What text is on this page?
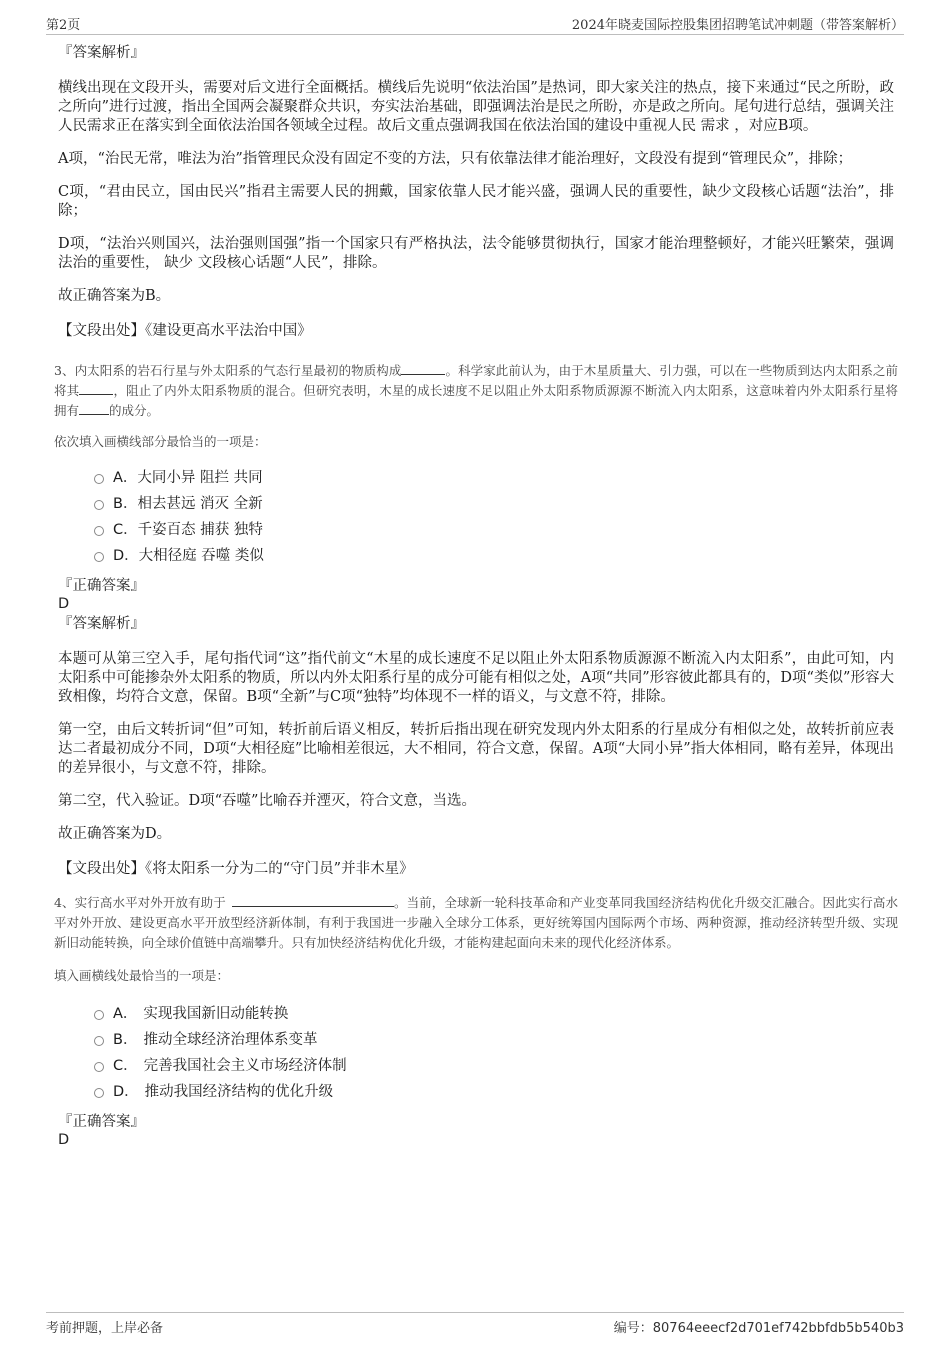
第2页	2024年晓麦国际控股集团招聘笔试冲刺题（带答案解析）

『答案解析』

横线出现在文段开头，需要对后文进行全面概括。横线后先说明“依法治国”是热词，即大家关注的热点，接下来通过“民之所盼，政之所向”进行过渡，指出全国两会凝聚群众共识，夯实法治基础，即强调法治是民之所盼，亦是政之所向。尾句进行总结，强调关注人民需求正在落实到全面依法治国各领域全过程。故后文重点强调我国在依法治国的建设中重视人民 需求 ，对应B项。

A项，“治民无常，唯法为治”指管理民众没有固定不变的方法，只有依靠法律才能治理好，文段没有提到“管理民众”，排除；

C项，“君由民立，国由民兴”指君主需要人民的拥戴，国家依靠人民才能兴盛，强调人民的重要性，缺少文段核心话题“法治”，排除；

D项，“法治兴则国兴，法治强则国强”指一个国家只有严格执法，法令能够贯彻执行，国家才能治理整顿好，才能兴旺繁荣，强调法治的重要性， 缺少 文段核心话题“人民”，排除。

故正确答案为B。

【文段出处】《建设更高水平法治中国》

3、内太阳系的岩石行星与外太阳系的气态行星最初的物质构成	。科学家此前认为，由于木星质量大、引力强，可以在一些物质到达内太阳系之前将其	，阻止了内外太阳系物质的混合。但研究表明，木星的成长速度不足以阻止外太阳系物质源源不断流入内太阳系，这意味着内外太阳系行星将拥有 的成分。

依次填入画横线部分最恰当的一项是：

A．大同小异 阻拦 共同
B．相去甚远 消灭 全新
C．千姿百态 捕获 独特
D．大相径庭 吞噬 类似

『正确答案』

D

『答案解析』

本题可从第三空入手，尾句指代词“这”指代前文“木星的成长速度不足以阻止外太阳系物质源源不断流入内太阳系”，由此可知，内太阳系中可能掺杂外太阳系的物质，所以内外太阳系行星的成分可能有相似之处，A项“共同”形容彼此都具有的，D项“类似”形容大致相像，均符合文意，保留。B项“全新”与C项“独特”均体现不一样的语义，与文意不符，排除。

第一空，由后文转折词“但”可知，转折前后语义相反，转折后指出现在研究发现内外太阳系的行星成分有相似之处，故转折前应表达二者最初成分不同，D项“大相径庭”比喻相差很远，大不相同，符合文意，保留。A项“大同小异”指大体相同，略有差异，体现出的差异很小，与文意不符，排除。

第二空，代入验证。D项“吞噬”比喻吞并湮灭，符合文意，当选。

故正确答案为D。

【文段出处】《将太阳系一分为二的“守门员”并非木星》

4、实行高水平对外开放有助于	。当前，全球新一轮科技革命和产业变革同我国经济结构优化升级交汇融合。因此实行高水平对外开放、建设更高水平开放型经济新体制，有利于我国进一步融入全球分工体系，更好统筹国内国际两个市场、两种资源，推动经济转型升级、实现新旧动能转换，向全球价值链中高端攀升。只有加快经济结构优化升级，才能构建起面向未来的现代化经济体系。

填入画横线处最恰当的一项是：

A． 实现我国新旧动能转换
B． 推动全球经济治理体系变革
C． 完善我国社会主义市场经济体制
D． 推动我国经济结构的优化升级

『正确答案』

D

考前押题，上岸必备	编号：80764eeecf2d701ef742bbfdb5b540b3
